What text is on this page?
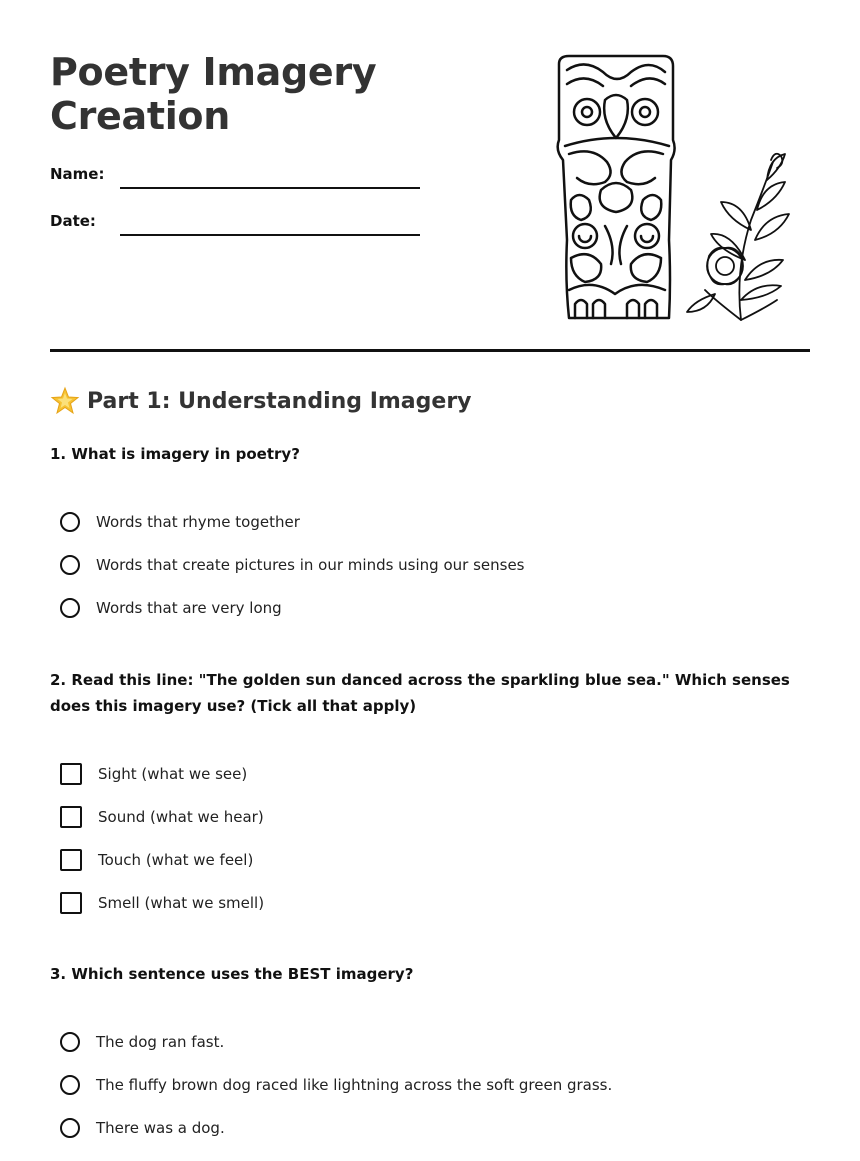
Poetry Imagery Creation
Name:
Date:
Part 1: Understanding Imagery

1. What is imagery in poetry?

Words that rhyme together
Words that create pictures in our minds using our senses
Words that are very long

2. Read this line: "The golden sun danced across the sparkling blue sea." Which senses does this imagery use? (Tick all that apply)

Sight (what we see)
Sound (what we hear)
Touch (what we feel)
Smell (what we smell)

3. Which sentence uses the BEST imagery?

The dog ran fast.
The fluffy brown dog raced like lightning across the soft green grass.
There was a dog.
